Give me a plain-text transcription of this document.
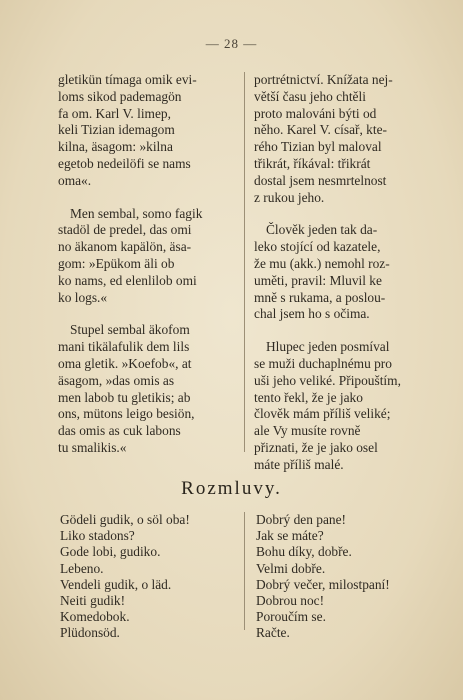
— 28 —

gletikün tímaga omik evi-
loms sikod pademagön
fa om. Karl V. limep,
keli Tizian idemagom
kilna, äsagom: »kilna
egetob nedeilöfi se nams
oma«.

Men sembal, somo fagik
stadöl de predel, das omi
no äkanom kapälön, äsa-
gom: »Epükom äli ob
ko nams, ed elenlilob omi
ko logs.«

Stupel sembal äkofom
mani tikälafulik dem lils
oma gletik. »Koefob«, at
äsagom, »das omis as
men labob tu gletikis; ab
ons, mütons leigo besiön,
das omis as cuk labons
tu smalikis.«

portrétnictví. Knížata nej-
větší času jeho chtěli
proto malováni býti od
něho. Karel V. císař, kte-
rého Tizian byl maloval
třikrát, říkával: třikrát
dostal jsem nesmrtelnost
z rukou jeho.

Člověk jeden tak da-
leko stojící od kazatele,
že mu (akk.) nemohl roz-
uměti, pravil: Mluvil ke
mně s rukama, a poslou-
chal jsem ho s očima.

Hlupec jeden posmíval
se muži duchaplnému pro
uši jeho veliké. Připouštím,
tento řekl, že je jako
člověk mám příliš veliké;
ale Vy musíte rovně
přiznati, že je jako osel
máte příliš malé.

Rozmluvy.
Gödeli gudik, o söl oba!
Liko stadons?
Gode lobi, gudiko.
Lebeno.
Vendeli gudik, o läd.
Neiti gudik!
Komedobok.
Plüdonsöd.
Dobrý den pane!
Jak se máte?
Bohu díky, dobře.
Velmi dobře.
Dobrý večer, milostpaní!
Dobrou noc!
Poroučím se.
Račte.
